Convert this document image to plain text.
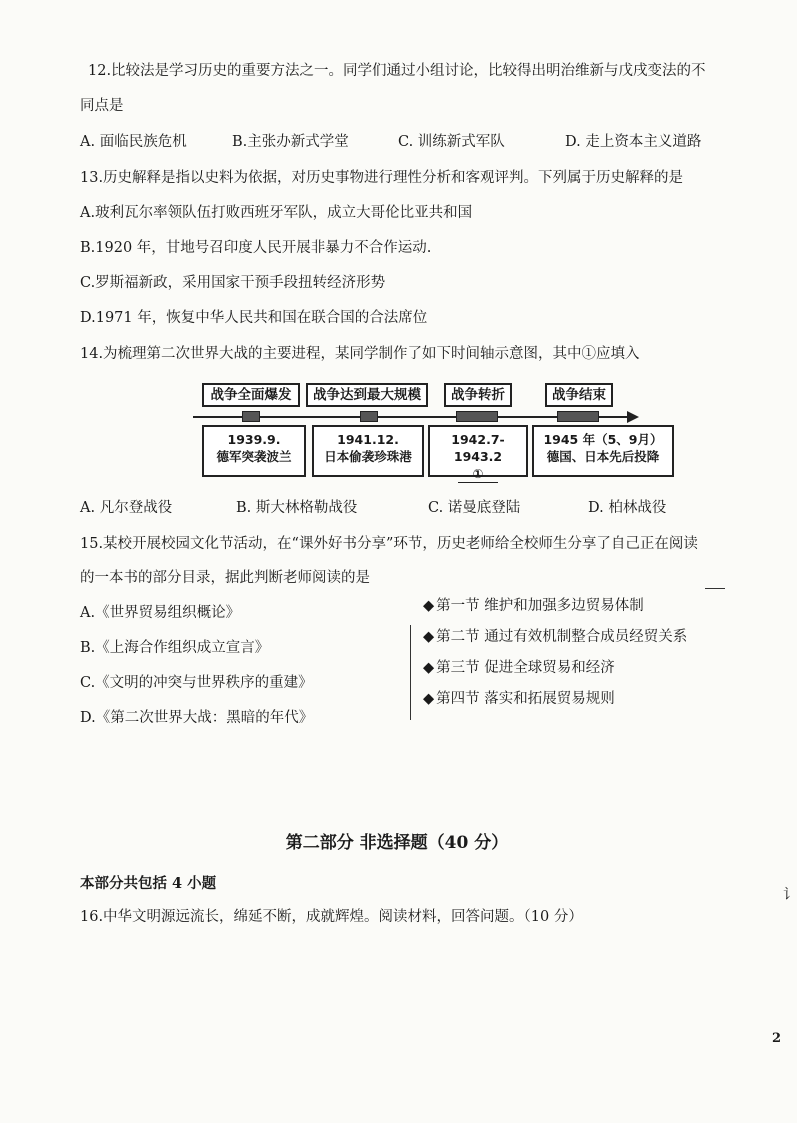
12.比较法是学习历史的重要方法之一。同学们通过小组讨论，比较得出明治维新与戊戌变法的不
同点是
A. 面临民族危机	B.主张办新式学堂	C. 训练新式军队	D. 走上资本主义道路
13.历史解释是指以史料为依据，对历史事物进行理性分析和客观评判。下列属于历史解释的是
A.玻利瓦尔率领队伍打败西班牙军队，成立大哥伦比亚共和国
B.1920 年，甘地号召印度人民开展非暴力不合作运动.
C.罗斯福新政，采用国家干预手段扭转经济形势
D.1971 年，恢复中华人民共和国在联合国的合法席位
14.为梳理第二次世界大战的主要进程，某同学制作了如下时间轴示意图，其中①应填入
战争全面爆发	战争达到最大规模	战争转折	战争结束
1939.9.
德军突袭波兰
1941.12.
日本偷袭珍珠港
1942.7-1943.2
①
1945 年（5、9月）
德国、日本先后投降
A. 凡尔登战役	B. 斯大林格勒战役	C. 诺曼底登陆	D. 柏林战役
15.某校开展校园文化节活动，在“课外好书分享”环节，历史老师给全校师生分享了自己正在阅读
的一本书的部分目录，据此判断老师阅读的是
A.《世界贸易组织概论》
B.《上海合作组织成立宣言》
C.《文明的冲突与世界秩序的重建》
D.《第二次世界大战：黑暗的年代》
◆ 第一节 维护和加强多边贸易体制
◆ 第二节 通过有效机制整合成员经贸关系
◆ 第三节 促进全球贸易和经济
◆ 第四节 落实和拓展贸易规则
第二部分 非选择题（40 分）
本部分共包括 4 小题
16.中华文明源远流长，绵延不断，成就辉煌。阅读材料，回答问题。（10 分）
讠
2
